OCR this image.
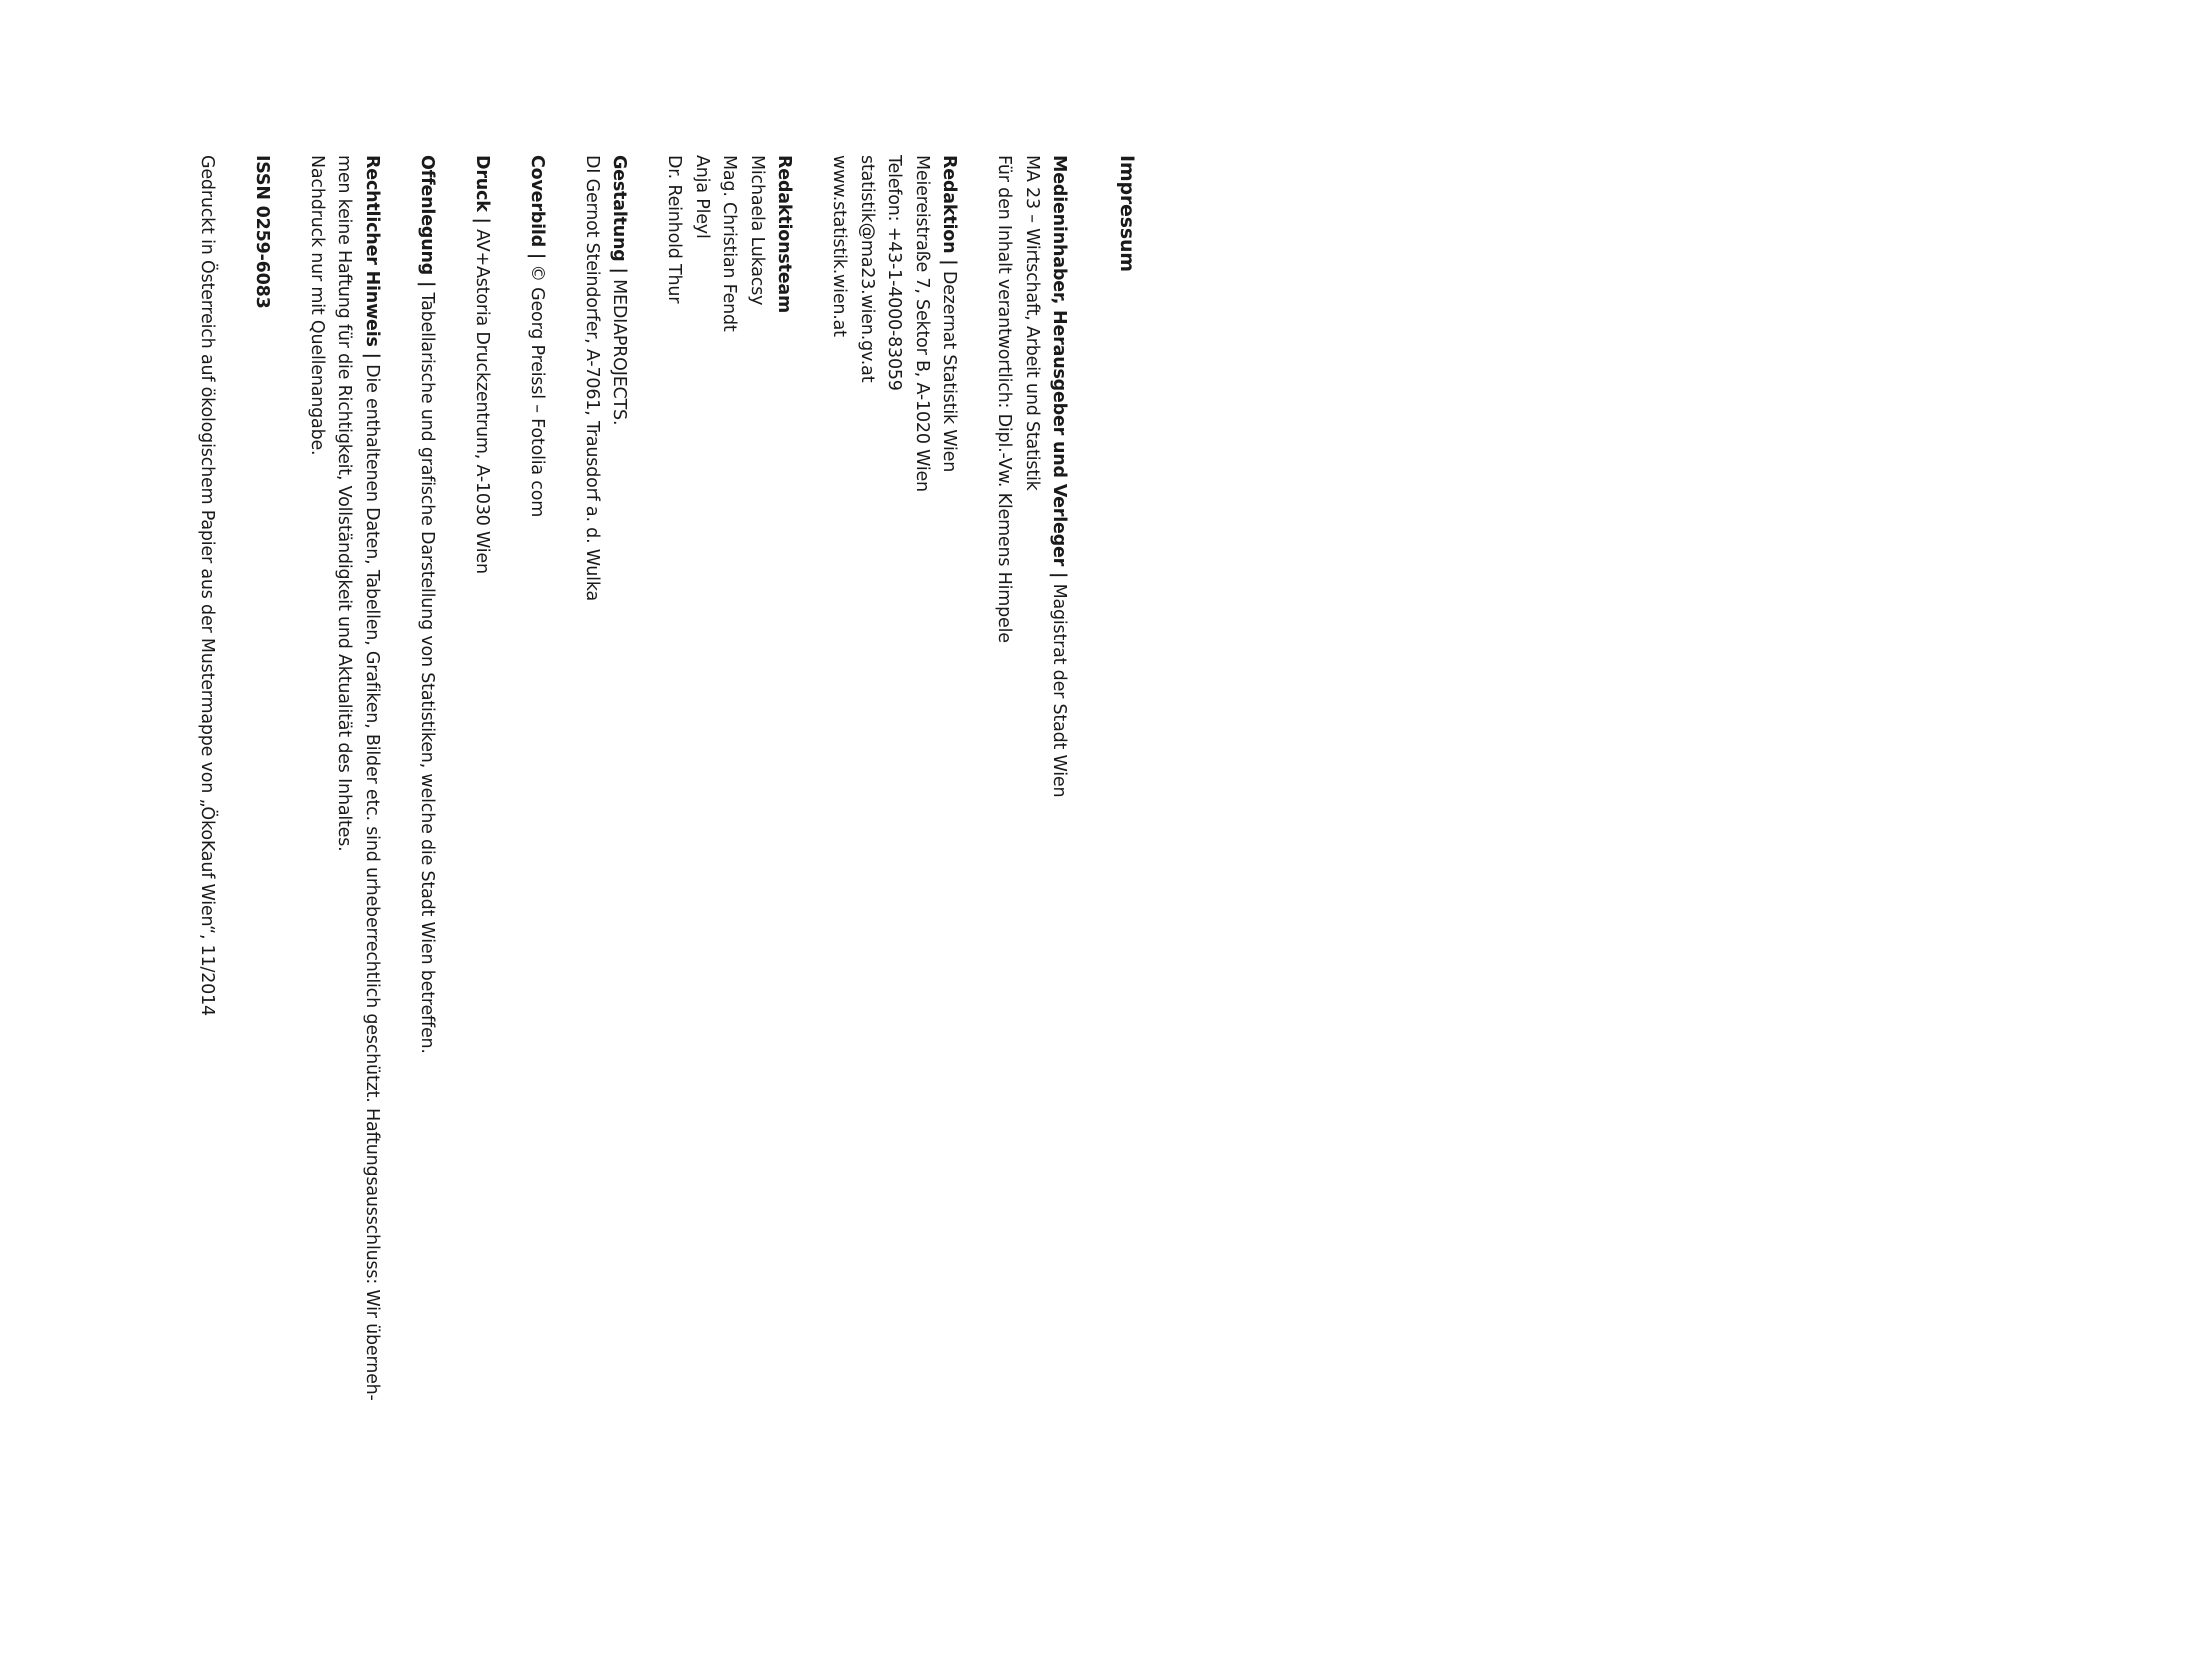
Impressum
Medieninhaber, Herausgeber und Verleger | Magistrat der Stadt Wien
MA 23 – Wirtschaft, Arbeit und Statistik
Für den Inhalt verantwortlich: Dipl.-Vw. Klemens Himpele
Redaktion | Dezernat Statistik Wien
Meiereistraße 7, Sektor B, A-1020 Wien
Telefon: +43-1-4000-83059
statistik@ma23.wien.gv.at
www.statistik.wien.at
Redaktionsteam
Michaela Lukacsy
Mag. Christian Fendt
Anja Pleyl
Dr. Reinhold Thur
Gestaltung | MEDIAPROJECTS.
DI Gernot Steindorfer, A-7061, Trausdorf a. d. Wulka
Coverbild | © Georg Preissl – Fotolia com
Druck | AV+Astoria Druckzentrum, A-1030 Wien
Offenlegung | Tabellarische und grafische Darstellung von Statistiken, welche die Stadt Wien betreffen.
Rechtlicher Hinweis | Die enthaltenen Daten, Tabellen, Grafiken, Bilder etc. sind urheberrechtlich geschützt. Haftungsausschluss: Wir überneh-
men keine Haftung für die Richtigkeit, Vollständigkeit und Aktualität des Inhaltes.
Nachdruck nur mit Quellenangabe.
ISSN 0259-6083
Gedruckt in Österreich auf ökologischem Papier aus der Mustermappe von „ÖkoKauf Wien“, 11/2014
